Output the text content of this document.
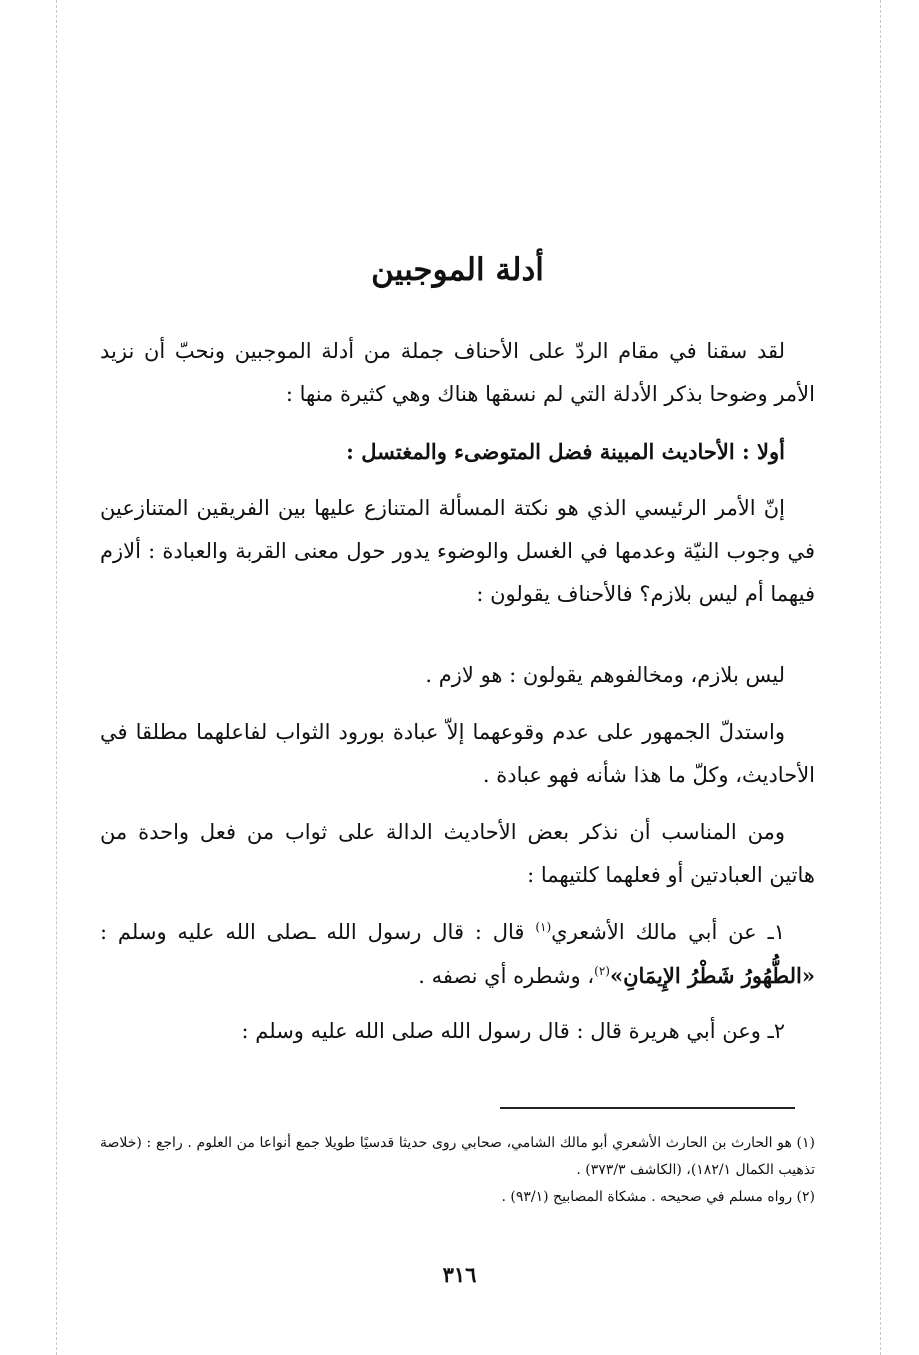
أدلة الموجبين

لقد سقنا في مقام الردّ على الأحناف جملة من أدلة الموجبين ونحبّ أن نزيد الأمر وضوحا بذكر الأدلة التي لم نسقها هناك وهي كثيرة منها :

أولا : الأحاديث المبينة فضل المتوضىء والمغتسل :

إنّ الأمر الرئيسي الذي هو نكتة المسألة المتنازع عليها بين الفريقين المتنازعين في وجوب النيّة وعدمها في الغسل والوضوء يدور حول معنى القربة والعبادة : ألازم فيهما أم ليس بلازم؟ فالأحناف يقولون :

ليس بلازم، ومخالفوهم يقولون : هو لازم .

واستدلّ الجمهور على عدم وقوعهما إلاّ عبادة بورود الثواب لفاعلهما مطلقا في الأحاديث، وكلّ ما هذا شأنه فهو عبادة .

ومن المناسب أن نذكر بعض الأحاديث الدالة على ثواب من فعل واحدة من هاتين العبادتين أو فعلهما كلتيهما :

١ـ عن أبي مالك الأشعري$^{(١)}$ قال : قال رسول الله ـصلى الله عليه وسلم : «الطُّهُورُ شَطْرُ الإِيمَانِ»$^{(٢)}$، وشطره أي نصفه .

٢ـ وعن أبي هريرة قال : قال رسول الله صلى الله عليه وسلم :

(١) هو الحارث بن الحارث الأشعري أبو مالك الشامي، صحابي روى حديثا قدسيًا طويلا جمع أنواعا من العلوم . راجع : (خلاصة تذهيب الكمال ١٨٢/١)، (الكاشف ٣٧٣/٣) .

(٢) رواه مسلم في صحيحه . مشكاة المصابيح (٩٣/١) .

٣١٦
